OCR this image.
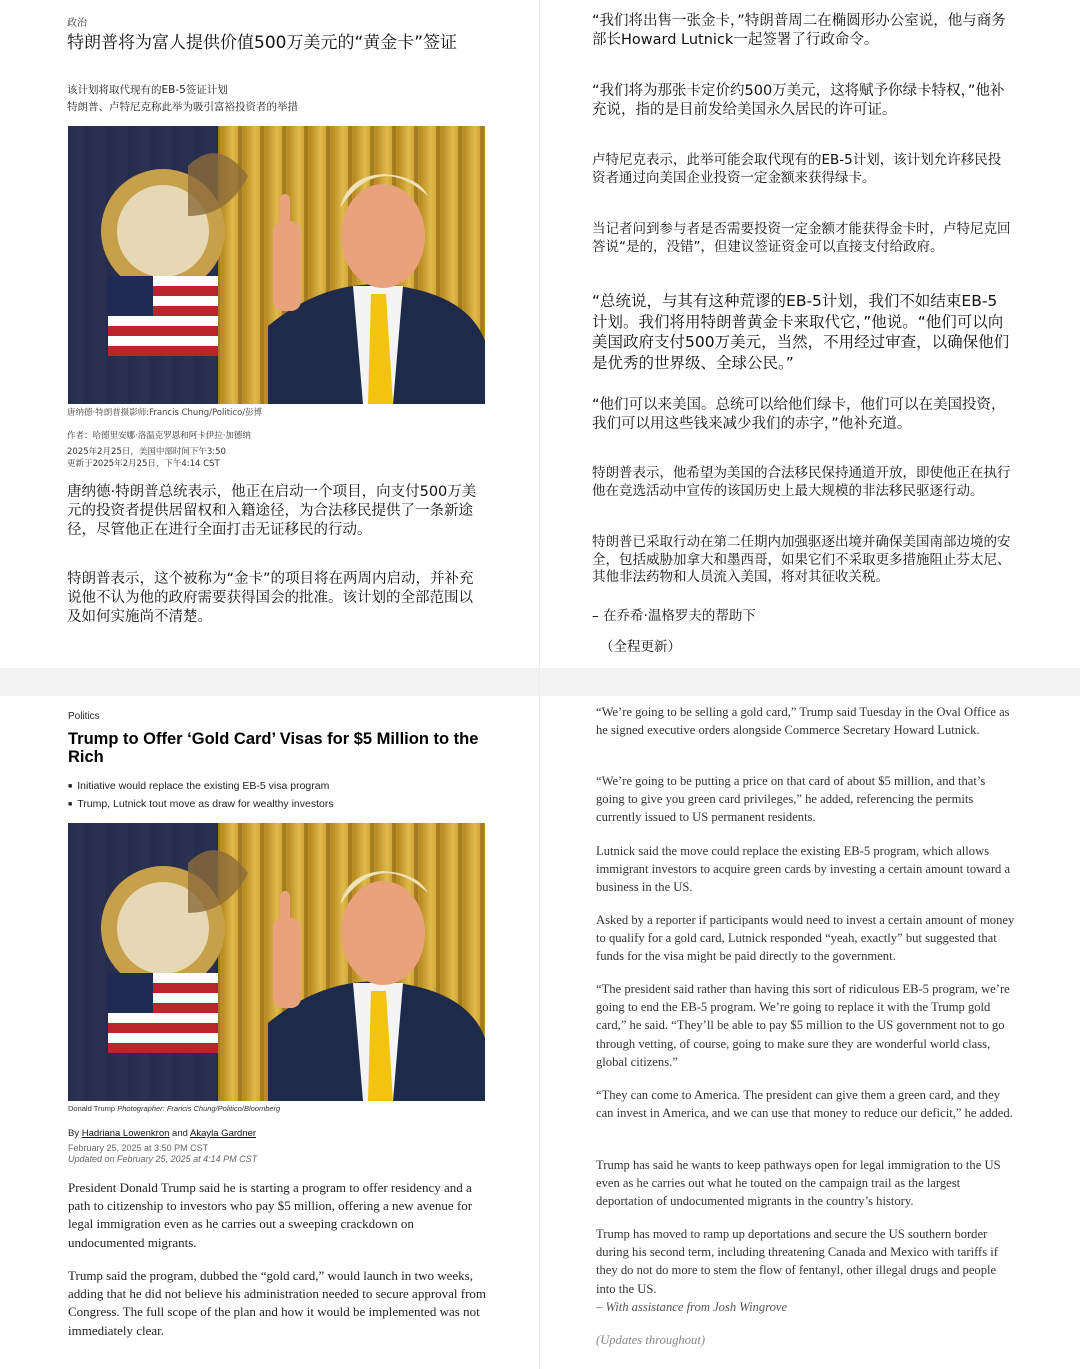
政治
特朗普将为富人提供价值500万美元的“黄金卡”签证
该计划将取代现有的EB-5签证计划
特朗普、卢特尼克称此举为吸引富裕投资者的举措
唐纳德·特朗普摄影师:Francis Chung/Politico/彭博
作者：哈德里安娜·洛温克罗恩和阿卡伊拉·加德纳
2025年2月25日，美国中部时间下午3:50
更新于2025年2月25日，下午4:14 CST
唐纳德·特朗普总统表示，他正在启动一个项目，向支付500万美元的投资者提供居留权和入籍途径，为合法移民提供了一条新途径，尽管他正在进行全面打击无证移民的行动。
特朗普表示，这个被称为“金卡”的项目将在两周内启动，并补充说他不认为他的政府需要获得国会的批准。该计划的全部范围以及如何实施尚不清楚。
“我们将出售一张金卡，”特朗普周二在椭圆形办公室说，他与商务部长Howard Lutnick一起签署了行政命令。
“我们将为那张卡定价约500万美元，这将赋予你绿卡特权，”他补充说，指的是目前发给美国永久居民的许可证。
卢特尼克表示，此举可能会取代现有的EB-5计划，该计划允许移民投资者通过向美国企业投资一定金额来获得绿卡。
当记者问到参与者是否需要投资一定金额才能获得金卡时，卢特尼克回答说“是的，没错”，但建议签证资金可以直接支付给政府。
“总统说，与其有这种荒谬的EB-5计划，我们不如结束EB-5计划。我们将用特朗普黄金卡来取代它，”他说。“他们可以向美国政府支付500万美元，当然，不用经过审查，以确保他们是优秀的世界级、全球公民。”
“他们可以来美国。总统可以给他们绿卡，他们可以在美国投资，我们可以用这些钱来减少我们的赤字，”他补充道。
特朗普表示，他希望为美国的合法移民保持通道开放，即使他正在执行他在竞选活动中宣传的该国历史上最大规模的非法移民驱逐行动。
特朗普已采取行动在第二任期内加强驱逐出境并确保美国南部边境的安全，包括威胁加拿大和墨西哥，如果它们不采取更多措施阻止芬太尼、其他非法药物和人员流入美国，将对其征收关税。
– 在乔希·温格罗夫的帮助下
（全程更新）
Politics
Trump to Offer ‘Gold Card’ Visas for $5 Million to the Rich
■ Initiative would replace the existing EB-5 visa program
■ Trump, Lutnick tout move as draw for wealthy investors
Donald Trump Photographer: Francis Chung/Politico/Bloomberg
By Hadriana Lowenkron and Akayla Gardner
February 25, 2025 at 3:50 PM CST
Updated on February 25, 2025 at 4:14 PM CST
President Donald Trump said he is starting a program to offer residency and a path to citizenship to investors who pay $5 million, offering a new avenue for legal immigration even as he carries out a sweeping crackdown on undocumented migrants.
Trump said the program, dubbed the “gold card,” would launch in two weeks, adding that he did not believe his administration needed to secure approval from Congress. The full scope of the plan and how it would be implemented was not immediately clear.
“We’re going to be selling a gold card,” Trump said Tuesday in the Oval Office as he signed executive orders alongside Commerce Secretary Howard Lutnick.
“We’re going to be putting a price on that card of about $5 million, and that’s going to give you green card privileges,” he added, referencing the permits currently issued to US permanent residents.
Lutnick said the move could replace the existing EB-5 program, which allows immigrant investors to acquire green cards by investing a certain amount toward a business in the US.
Asked by a reporter if participants would need to invest a certain amount of money to qualify for a gold card, Lutnick responded “yeah, exactly” but suggested that funds for the visa might be paid directly to the government.
“The president said rather than having this sort of ridiculous EB-5 program, we’re going to end the EB-5 program. We’re going to replace it with the Trump gold card,” he said. “They’ll be able to pay $5 million to the US government not to go through vetting, of course, going to make sure they are wonderful world class, global citizens.”
“They can come to America. The president can give them a green card, and they can invest in America, and we can use that money to reduce our deficit,” he added.
Trump has said he wants to keep pathways open for legal immigration to the US even as he carries out what he touted on the campaign trail as the largest deportation of undocumented migrants in the country’s history.
Trump has moved to ramp up deportations and secure the US southern border during his second term, including threatening Canada and Mexico with tariffs if they do not do more to stem the flow of fentanyl, other illegal drugs and people into the US.
– With assistance from Josh Wingrove
(Updates throughout)
